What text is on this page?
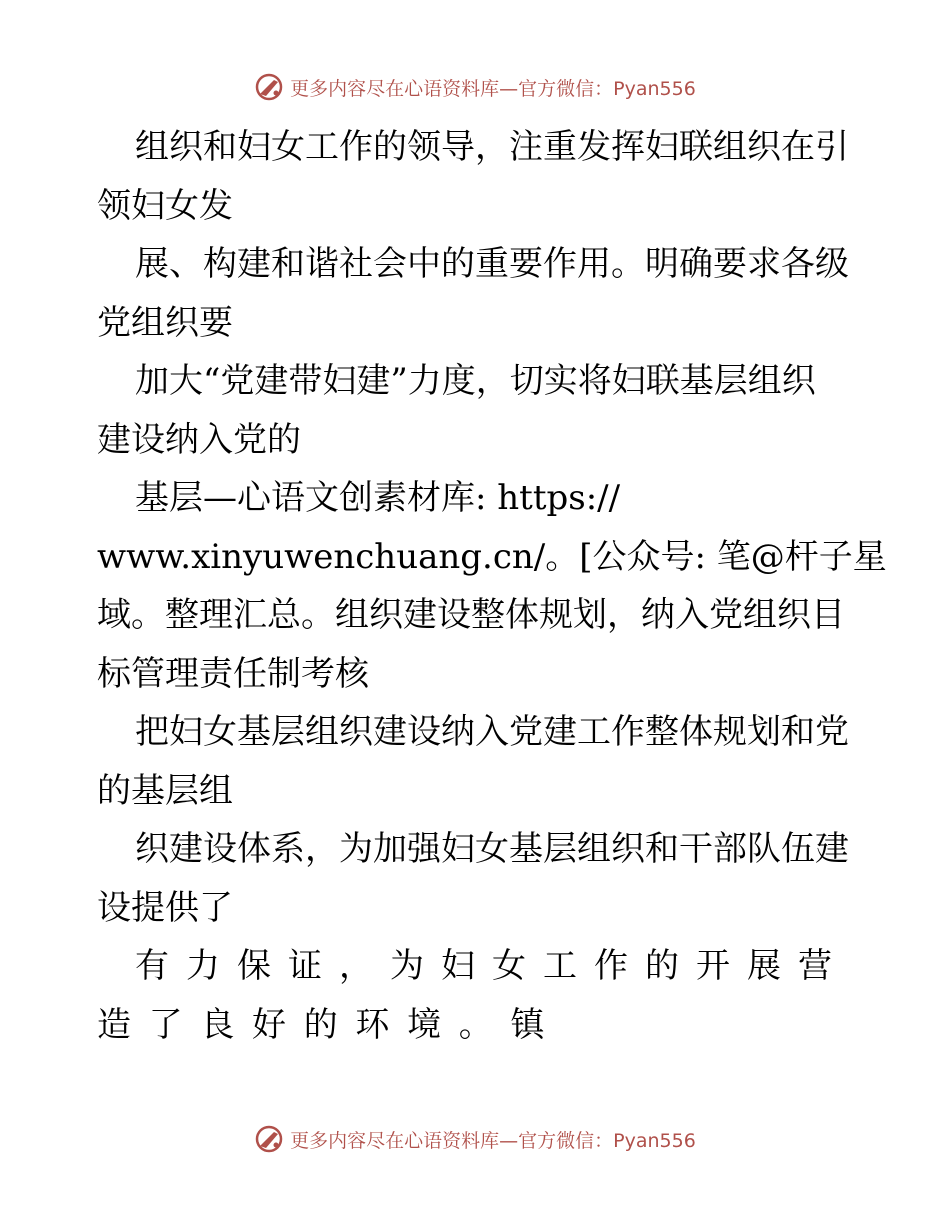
更多内容尽在心语资料库—官方微信：Pyan556
组织和妇女工作的领导，注重发挥妇联组织在引
领妇女发
展、构建和谐社会中的重要作用。明确要求各级
党组织要
加大“党建带妇建”力度，切实将妇联基层组织
建设纳入党的
基层—心语文创素材库: https://
www.xinyuwenchuang.cn/。[公众号: 笔@杆子星
域。整理汇总。组织建设整体规划，纳入党组织目
标管理责任制考核
把妇女基层组织建设纳入党建工作整体规划和党
的基层组
织建设体系，为加强妇女基层组织和干部队伍建
设提供了
有力保证，为妇女工作的开展营
造了良好的环境。镇
更多内容尽在心语资料库—官方微信：Pyan556
